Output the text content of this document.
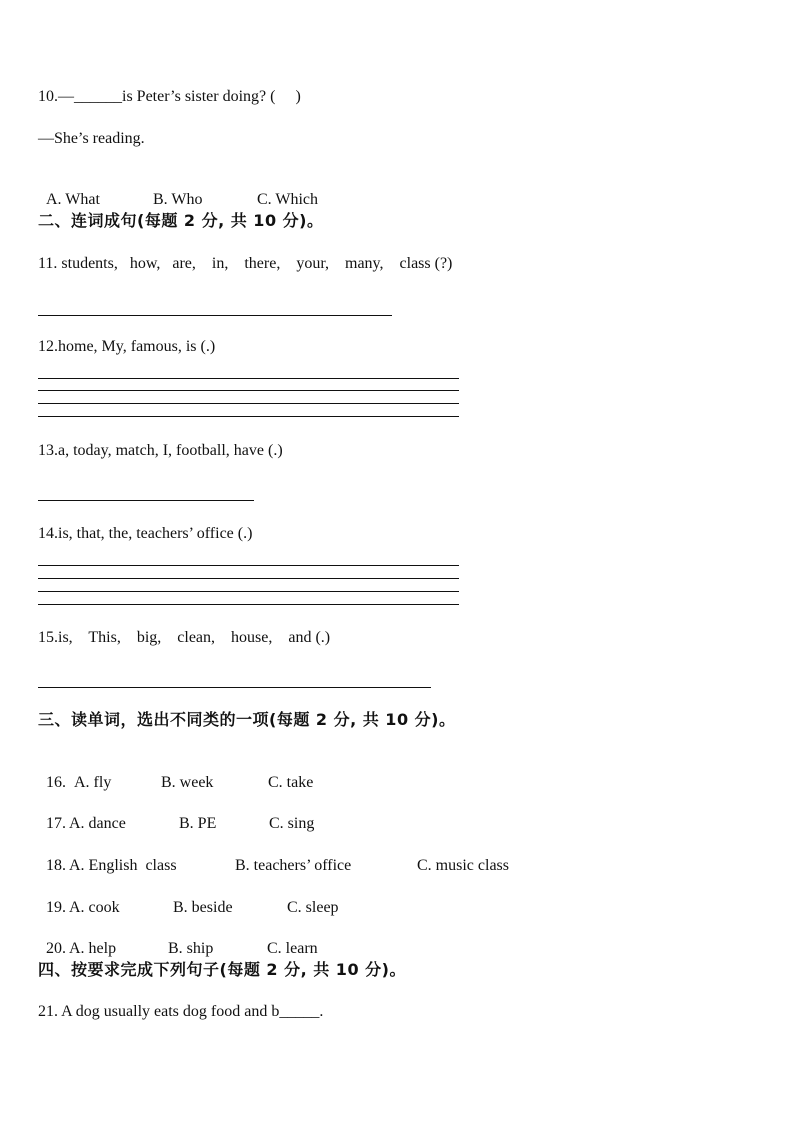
10.—______is Peter’s sister doing? (     )
—She’s reading.

A. What	B. Who	C. Which

二、连词成句(每题 2 分, 共 10 分)。
11. students,   how,   are,    in,    there,    your,    many,    class (?)
12.home, My, famous, is (.)
13.a, today, match, I, football, have (.)
14.is, that, the, teachers’ office (.)
15.is,    This,    big,    clean,    house,    and (.)
三、读单词，选出不同类的一项(每题 2 分, 共 10 分)。

16. A. fly	B. week	C. take

17. A. dance	B. PE	C. sing

18. A. English  class	B. teachers’ office	C. music class

19. A. cook	B. beside	C. sleep

20. A. help	B. ship	C. learn

四、按要求完成下列句子(每题 2 分, 共 10 分)。
21. A dog usually eats dog food and b_____.
